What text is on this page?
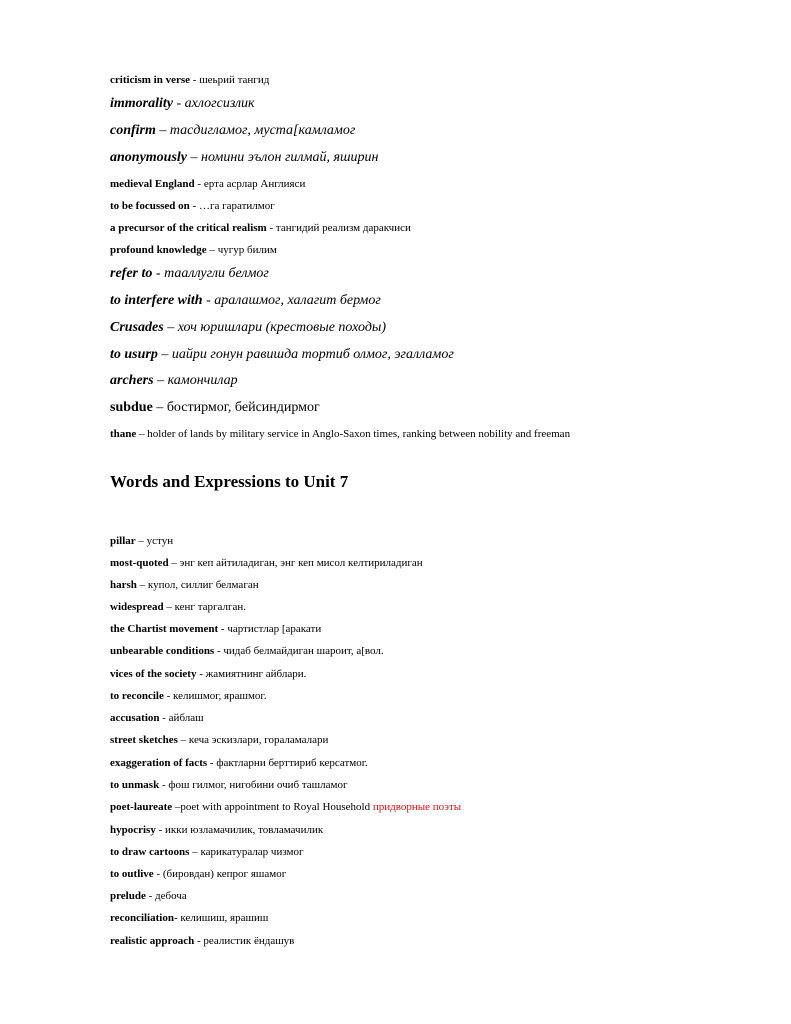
criticism in verse - шеьрий тангид
immorality - ахлогсизлик
confirm – тасдигламог, муста[камламог
anonymously – номини эълон гилмай, яширин
medieval England - ерта асрлар Англияси
to be focussed on - …га гаратилмог
a precursor of the critical realism - тангидий реализм даракчиси
profound knowledge – чугур билим
refer to - тааллугли белмог
to interfere with - аралашмог, халагит бермог
Crusades – хоч юришлари (крестовые походы)
to usurp – иайри гонун равишда тортиб олмог, эгалламог
archers – камончилар
subdue – бостирмог, бейсиндирмог
thane – holder of lands by military service in Anglo-Saxon times, ranking between nobility and freeman
Words and Expressions to Unit 7
pillar – устун
most-quoted – энг кеп айтиладиган, энг кеп мисол келтириладиган
harsh – купол, силлиг белмаган
widespread – кенг таргалган.
the Chartist movement - чартистлар [аракати
unbearable conditions - чидаб белмайдиган шароит, а[вол.
vices of the society - жамиятнинг айблари.
to reconcile - келишмог, ярашмог.
accusation - айблаш
street sketches – кеча эскизлари, гораламалари
exaggeration of facts - фактларни берттириб керсатмог.
to unmask - фош гилмог, нигобини очиб ташламог
poet-laureate –poet with appointment to Royal Household придворные поэты
hypocrisy - икки юзламачилик, товламачилик
to draw cartoons – карикатуралар чизмог
to outlive - (бировдан) кепрог яшамог
prelude - дебоча
reconciliation- келишиш, ярашиш
realistic approach - реалистик ёндашув
